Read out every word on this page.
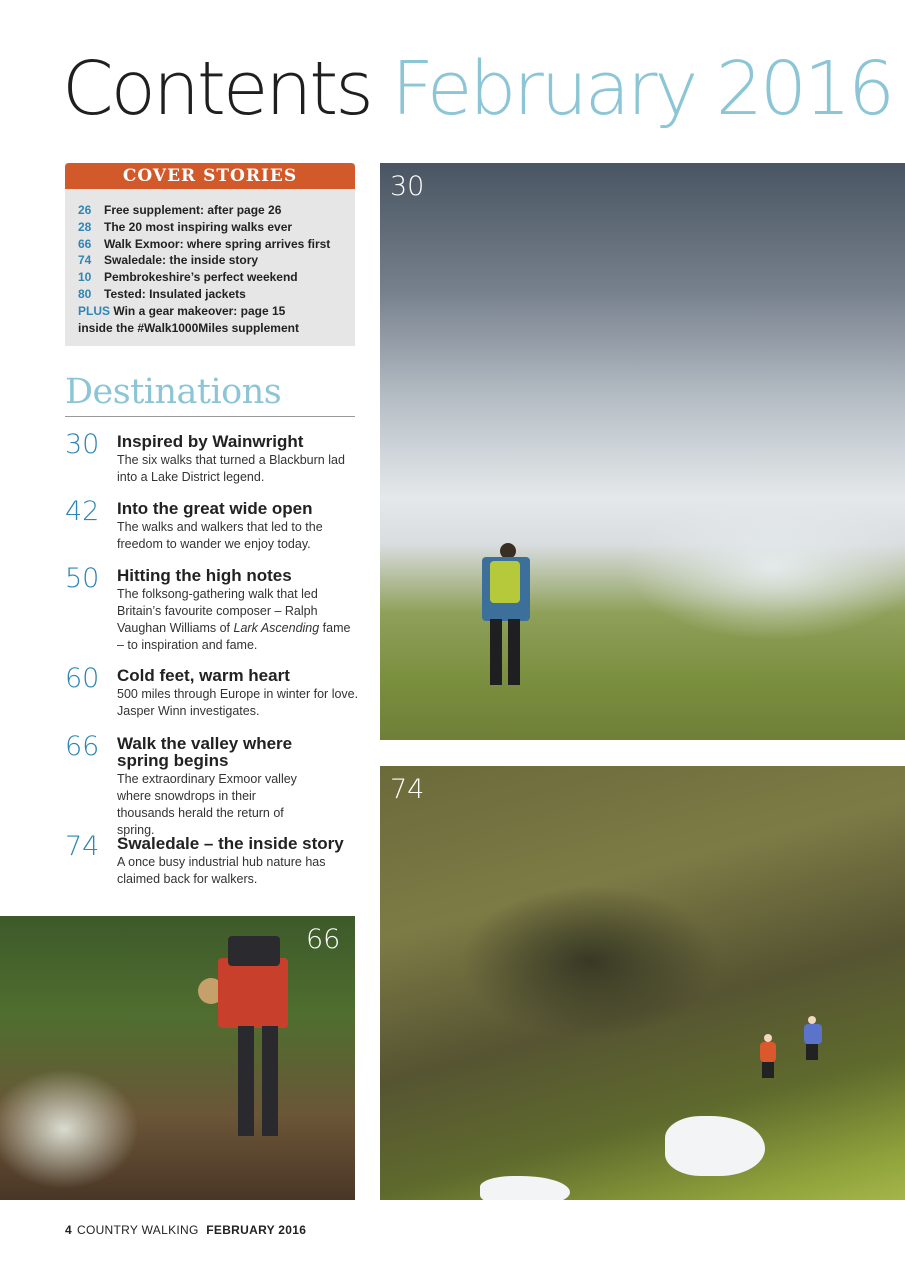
Contents February 2016
COVER STORIES
26 Free supplement: after page 26
28 The 20 most inspiring walks ever
66 Walk Exmoor: where spring arrives first
74 Swaledale: the inside story
10 Pembrokeshire’s perfect weekend
80 Tested: Insulated jackets

PLUS Win a gear makeover: page 15
inside the #Walk1000Miles supplement

Destinations
30 Inspired by Wainwright
The six walks that turned a Blackburn lad into a Lake District legend.
42 Into the great wide open
The walks and walkers that led to the freedom to wander we enjoy today.
50 Hitting the high notes
The folksong-gathering walk that led Britain’s favourite composer – Ralph Vaughan Williams of Lark Ascending fame – to inspiration and fame.
60 Cold feet, warm heart
500 miles through Europe in winter for love. Jasper Winn investigates.
66 Walk the valley where spring begins
The extraordinary Exmoor valley where snowdrops in their thousands herald the return of spring.
74 Swaledale – the inside story
A once busy industrial hub nature has claimed back for walkers.
30
74
66
4 COUNTRY WALKING FEBRUARY 2016
